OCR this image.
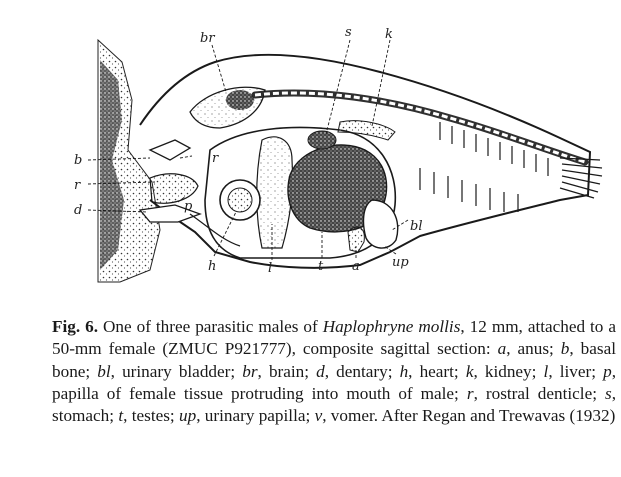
br	s	k
b
r
d
r
p
bl
h	l	t a up

Fig. 6. One of three parasitic males of Haplophryne mollis, 12 mm, attached to a 50-mm female (ZMUC P921777), composite sagittal section: a, anus; b, basal bone; bl, urinary bladder; br, brain; d, dentary; h, heart; k, kidney; l, liver; p, papilla of female tissue protruding into mouth of male; r, rostral denticle; s, stomach; t, testes; up, urinary papilla; v, vomer. After Regan and Trewavas (1932)
